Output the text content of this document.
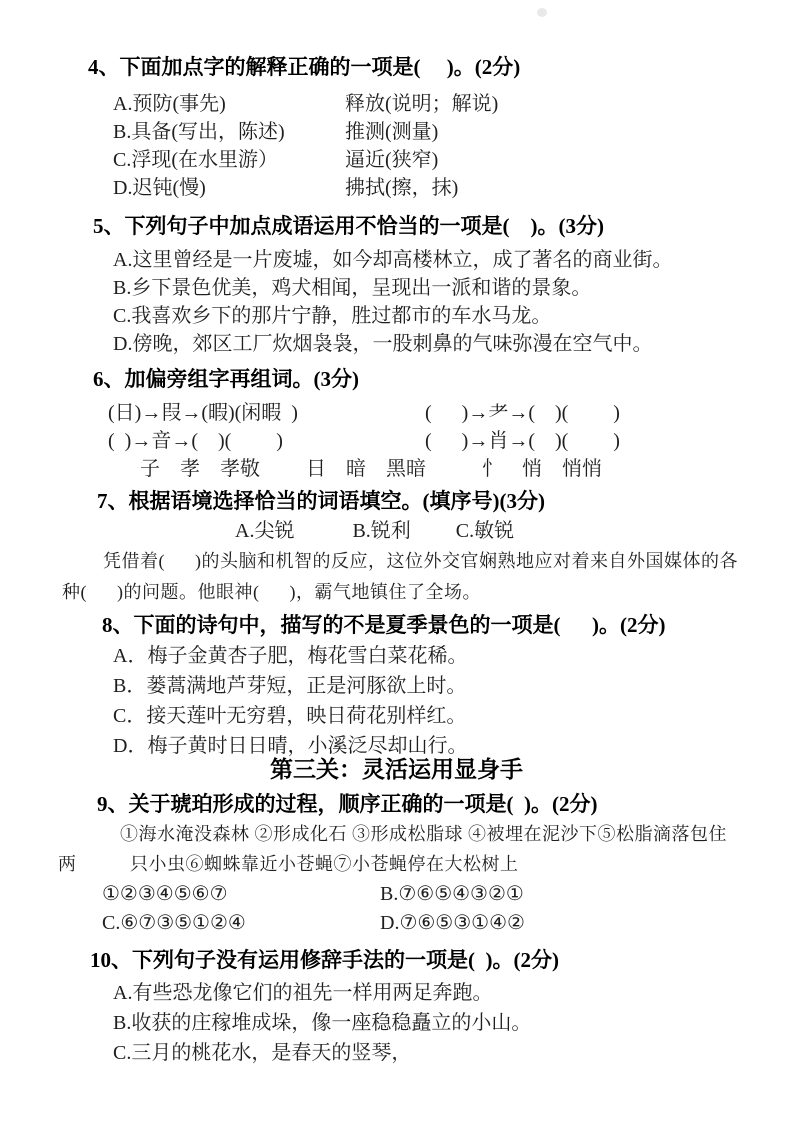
4、下面加点字的解释正确的一项是(     )。(2分)
A.预防(事先)	释放(说明；解说)
B.具备(写出，陈述)	推测(测量)
C.浮现(在水里游）	逼近(狭窄)
D.迟钝(慢)	拂拭(擦，抹)
5、下列句子中加点成语运用不恰当的一项是(    )。(3分)
A.这里曾经是一片废墟，如今却高楼林立，成了著名的商业街。
B.乡下景色优美，鸡犬相闻，呈现出一派和谐的景象。
C.我喜欢乡下的那片宁静，胜过都市的车水马龙。
D.傍晚，郊区工厂炊烟袅袅，一股刺鼻的气味弥漫在空气中。
6、加偏旁组字再组词。(3分)
(日)→叚→(暇)(闲暇  )	(      )→耂→(    )(         )
(  )→音→(    )(         )	(      )→肖→(    )(         )
子　孝　孝敬 日　暗　黑暗	忄　悄　悄悄
7、根据语境选择恰当的词语填空。(填序号)(3分)
A.尖锐	B.锐利 C.敏锐
凭借着(      )的头脑和机智的反应，这位外交官娴熟地应对着来自外国媒体的各
种(      )的问题。他眼神(      )，霸气地镇住了全场。
8、下面的诗句中，描写的不是夏季景色的一项是(      )。(2分)
A．梅子金黄杏子肥，梅花雪白菜花稀。
B．蒌蒿满地芦芽短，正是河豚欲上时。
C．接天莲叶无穷碧，映日荷花别样红。
D．梅子黄时日日晴，小溪泛尽却山行。
第三关：灵活运用显身手
9、关于琥珀形成的过程，顺序正确的一项是(  )。(2分)
①海水淹没森林 ②形成化石 ③形成松脂球 ④被埋在泥沙下⑤松脂滴落包住
两	只小虫⑥蜘蛛靠近小苍蝇⑦小苍蝇停在大松树上
①②③④⑤⑥⑦	B.⑦⑥⑤④③②①
C.⑥⑦③⑤①②④	D.⑦⑥⑤③①④②
10、下列句子没有运用修辞手法的一项是(  )。(2分)
A.有些恐龙像它们的祖先一样用两足奔跑。
B.收获的庄稼堆成垛，像一座稳稳矗立的小山。
C.三月的桃花水，是春天的竖琴，
